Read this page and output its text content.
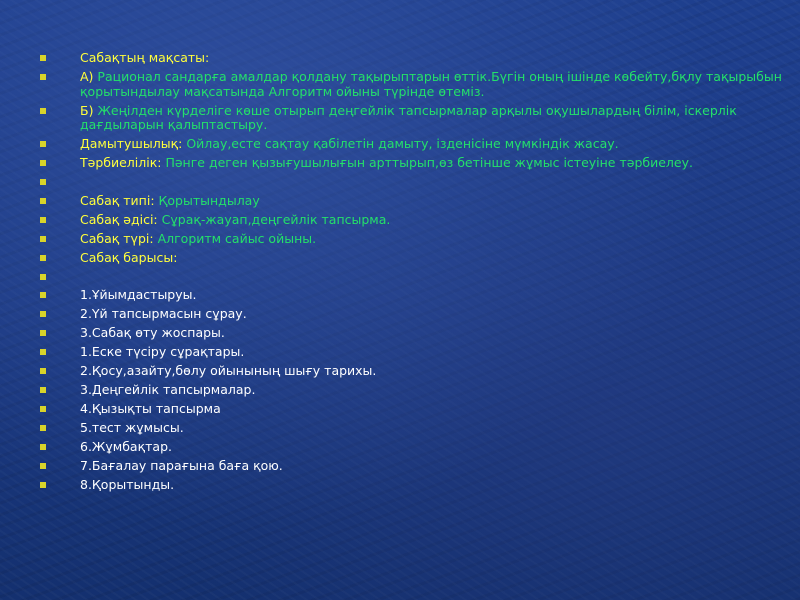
Сабақтың мақсаты:
А) Рационал сандарға амалдар қолдану тақырыптарын өттік.Бүгін оның ішінде көбейту,бқлу тақырыбын қорытындылау мақсатында Алгоритм ойыны түрінде өтеміз.
Б) Жеңілден күрделіге көше отырып деңгейлік тапсырмалар арқылы оқушылардың білім, іскерлік дағдыларын қалыптастыру.
Дамытушылық: Ойлау,есте сақтау қабілетін дамыту, ізденісіне мүмкіндік жасау.
Тәрбиелілік: Пәнге деген қызығушылығын арттырып,өз бетінше жұмыс істеуіне тәрбиелеу.
Сабақ типі: Қорытындылау
Сабақ әдісі: Сұрақ-жауап,деңгейлік тапсырма.
Сабақ түрі: Алгоритм сайыс ойыны.
Сабақ барысы:
1.Ұйымдастыруы.
2.Үй тапсырмасын сұрау.
3.Сабақ өту жоспары.
1.Еске түсіру сұрақтары.
2.Қосу,азайту,бөлу ойынының шығу тарихы.
3.Деңгейлік тапсырмалар.
4.Қызықты тапсырма
5.тест жұмысы.
6.Жұмбақтар.
7.Бағалау парағына баға қою.
8.Қорытынды.
